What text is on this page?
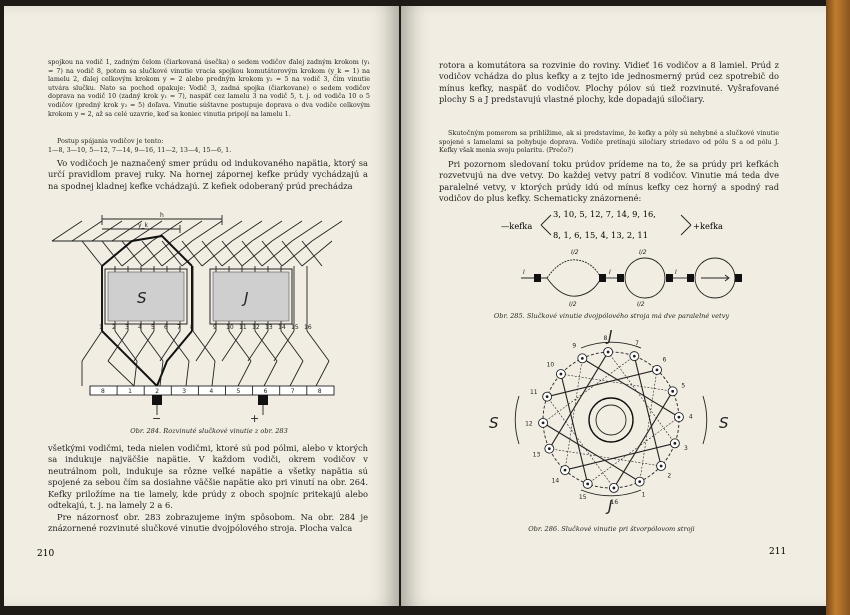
spojkou na vodič 1, zadným čelom (čiarkovaná úsečka) o sedem vodičov ďalej zadným krokom (y₁ = 7) na vodič 8, potom sa slučkové vinutie vracia spojkou komutátorovým krokom (y_k = 1) na lamelu 2, ďalej celkovým krokom y = 2 alebo predným krokom y₂ = 5 na vodič 3, čím vinutie utvára slučku. Nato sa pochod opakuje: Vodič 3, zadná spojka (čiarkovane) o sedem vodičov doprava na vodič 10 (zadný krok y₁ = 7), naspäť cez lamelu 3 na vodič 5, t. j. od vodiča 10 o 5 vodičov (predný krok y₂ = 5) doľava. Vinutie súštavne postupuje doprava o dva vodiče celkovým krokom y = 2, až sa celé uzavrie, keď sa koniec vinutia pripojí na lamelu 1.

Postup spájania vodičov je tento:

1—8, 3—10, 5—12, 7—14, 9—16, 11—2, 13—4, 15—6, 1.

Vo vodičoch je naznačený smer prúdu od indukovaného napätia, ktorý sa určí pravidlom pravej ruky. Na hornej zápornej kefke prúdy vychádzajú a na spodnej kladnej kefke vchádzajú. Z kefiek odoberaný prúd prechádza

h
y_k
S	J
1 2 3 4 5 6 7 8	9 10 11 12 13 14 15 16
8	1	2	3	4	5	6	7	8
−	+

Obr. 284. Rozvinuté slučkové vinutie z obr. 283

všetkými vodičmi, teda nielen vodičmi, ktoré sú pod pólmi, alebo v ktorých sa indukuje najväčšie napätie. V každom vodiči, okrem vodičov v neutrálnom poli, indukuje sa rôzne veľké napätie a všetky napätia sú spojené za sebou čím sa dosiahne väčšie napätie ako pri vinutí na obr. 264. Kefky priložíme na tie lamely, kde prúdy z oboch spojníc pritekajú alebo odtekajú, t. j. na lamely 2 a 6.

Pre názornosť obr. 283 zobrazujeme iným spôsobom. Na obr. 284 je znázornené rozvinuté slučkové vinutie dvojpólového stroja. Plocha valca

210

rotora a komutátora sa rozvinie do roviny. Vidieť 16 vodičov a 8 lamiel. Prúd z vodičov vchádza do plus kefky a z tejto ide jednosmerný prúd cez spotrebič do mínus kefky, naspäť do vodičov. Plochy pólov sú tiež rozvinuté. Vyšrafované plochy S a J predstavujú vlastné plochy, kde dopadajú siločiary.

Skutočným pomerom sa priblížime, ak si predstavíme, že kefky a póly sú nehybné a slučkové vinutie spojené s lamelami sa pohybuje doprava. Vodiče pretínajú siločiary striedavo od pólu S a od pólu J. Kefky však menia svoju polaritu. (Prečo?)

Pri pozornom sledovaní toku prúdov prídeme na to, že sa prúdy pri kefkách rozvetvujú na dve vetvy. Do každej vetvy patrí 8 vodičov. Vinutie má teda dve paralelné vetvy, v ktorých prúdy idú od mínus kefky cez horný a spodný rad vodičov do plus kefky. Schematicky znázornené:

—kefka
3, 10, 5, 12, 7, 14, 9, 16,
8, 1, 6, 15, 4, 13, 2, 11
+kefka
I/2	I/2
I/2	I/2
I	I	I

Obr. 285. Slučkové vinutie dvojpólového stroja má dve paralelné vetvy

J
S	S
J
15
14
13
12
11
10
9
8
7
6
5
4
3
2
1
16

Obr. 286. Slučkové vinutie pri štvorpólovom stroji

211
